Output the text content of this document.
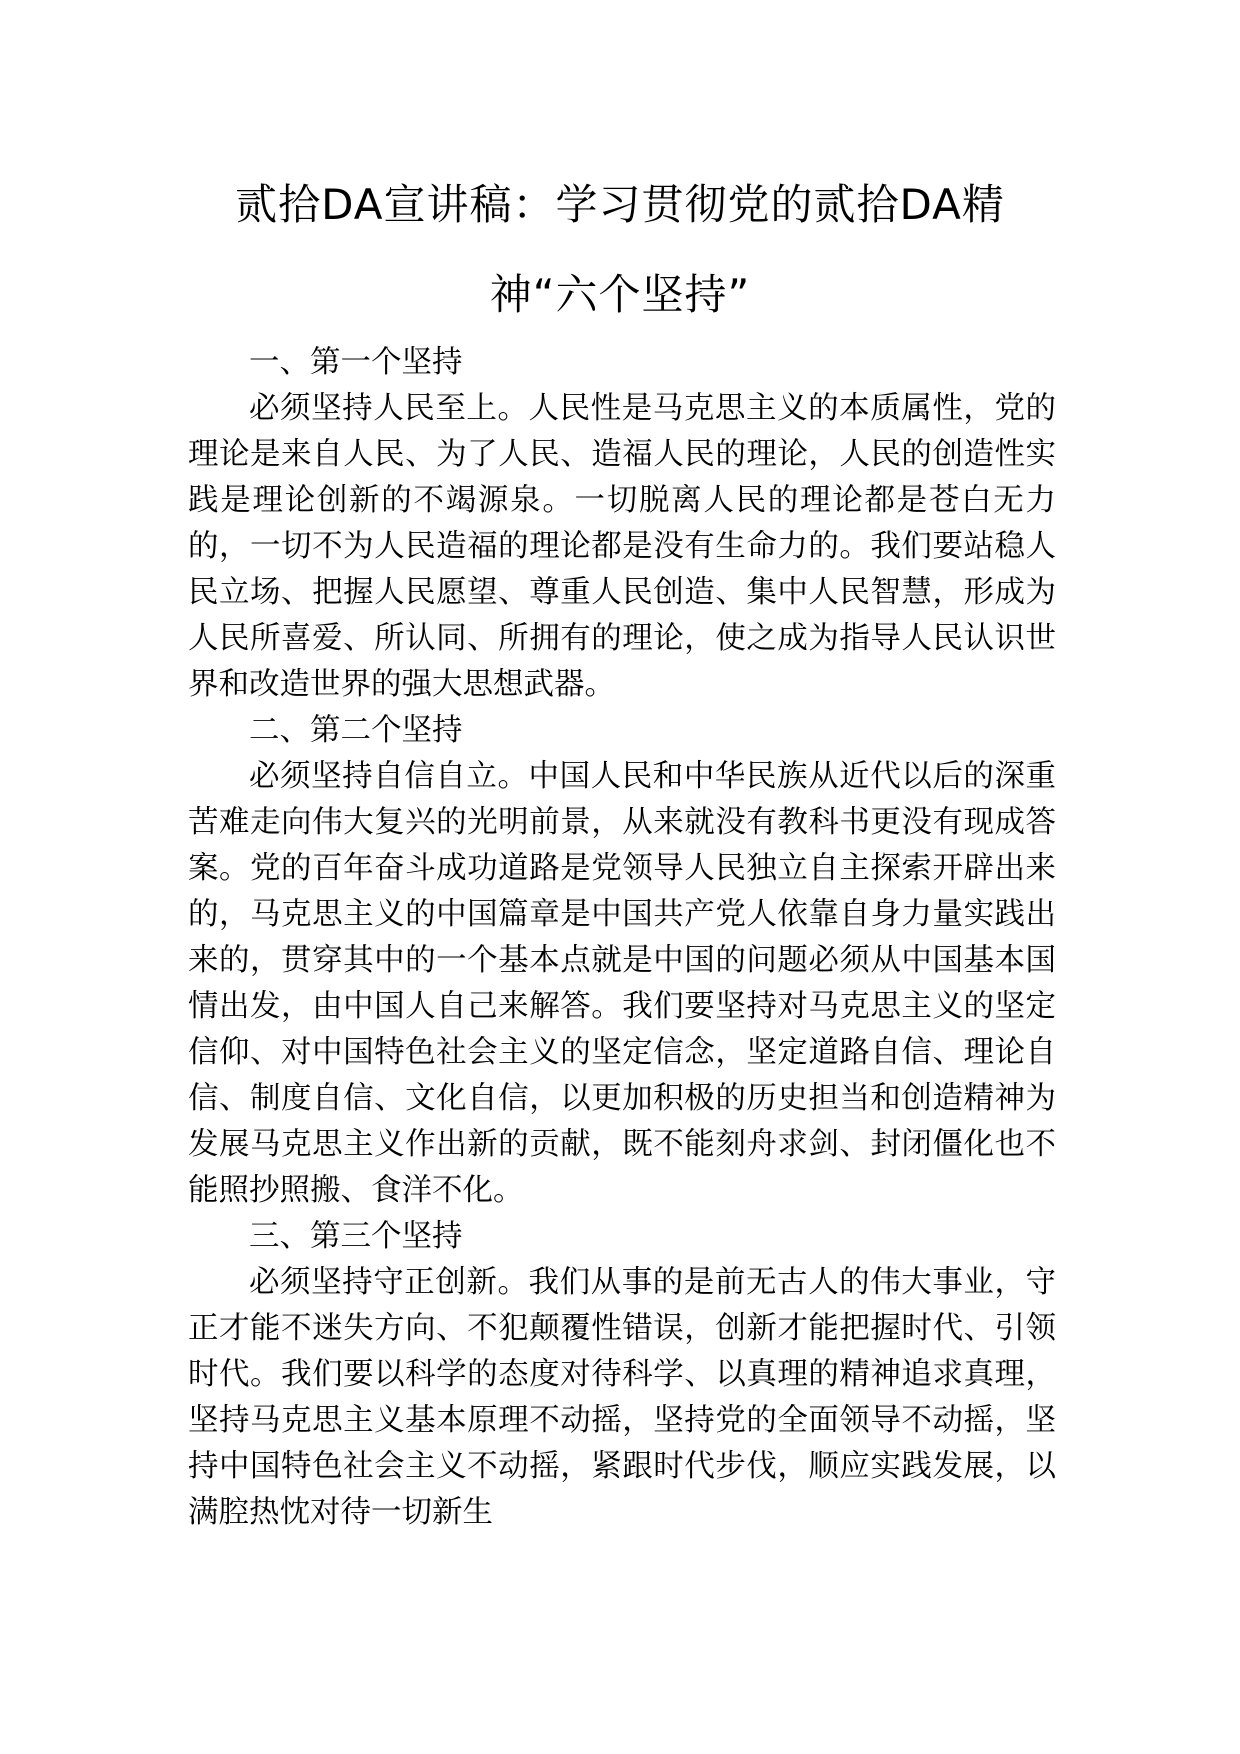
贰拾DA宣讲稿：学习贯彻党的贰拾DA精神“六个坚持”

一、第一个坚持

必须坚持人民至上。人民性是马克思主义的本质属性，党的理论是来自人民、为了人民、造福人民的理论，人民的创造性实践是理论创新的不竭源泉。一切脱离人民的理论都是苍白无力的，一切不为人民造福的理论都是没有生命力的。我们要站稳人民立场、把握人民愿望、尊重人民创造、集中人民智慧，形成为人民所喜爱、所认同、所拥有的理论，使之成为指导人民认识世界和改造世界的强大思想武器。

二、第二个坚持

必须坚持自信自立。中国人民和中华民族从近代以后的深重苦难走向伟大复兴的光明前景，从来就没有教科书更没有现成答案。党的百年奋斗成功道路是党领导人民独立自主探索开辟出来的，马克思主义的中国篇章是中国共产党人依靠自身力量实践出来的，贯穿其中的一个基本点就是中国的问题必须从中国基本国情出发，由中国人自己来解答。我们要坚持对马克思主义的坚定信仰、对中国特色社会主义的坚定信念，坚定道路自信、理论自信、制度自信、文化自信，以更加积极的历史担当和创造精神为发展马克思主义作出新的贡献，既不能刻舟求剑、封闭僵化也不能照抄照搬、食洋不化。

三、第三个坚持

必须坚持守正创新。我们从事的是前无古人的伟大事业，守正才能不迷失方向、不犯颠覆性错误，创新才能把握时代、引领时代。我们要以科学的态度对待科学、以真理的精神追求真理，坚持马克思主义基本原理不动摇，坚持党的全面领导不动摇，坚持中国特色社会主义不动摇，紧跟时代步伐，顺应实践发展，以满腔热忱对待一切新生
